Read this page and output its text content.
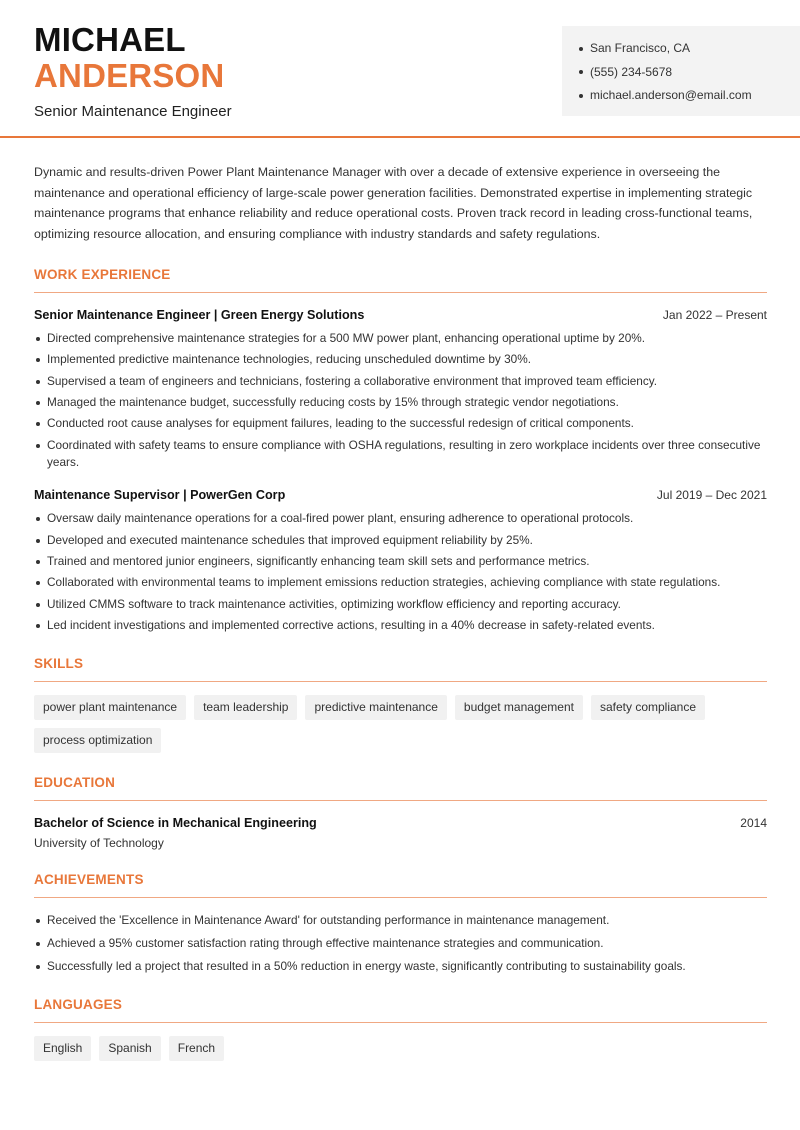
MICHAEL
ANDERSON
Senior Maintenance Engineer
San Francisco, CA
(555) 234-5678
michael.anderson@email.com

Dynamic and results-driven Power Plant Maintenance Manager with over a decade of extensive experience in overseeing the maintenance and operational efficiency of large-scale power generation facilities. Demonstrated expertise in implementing strategic maintenance programs that enhance reliability and reduce operational costs. Proven track record in leading cross-functional teams, optimizing resource allocation, and ensuring compliance with industry standards and safety regulations.

WORK EXPERIENCE
Senior Maintenance Engineer | Green Energy Solutions	Jan 2022 – Present
Directed comprehensive maintenance strategies for a 500 MW power plant, enhancing operational uptime by 20%.
Implemented predictive maintenance technologies, reducing unscheduled downtime by 30%.
Supervised a team of engineers and technicians, fostering a collaborative environment that improved team efficiency.
Managed the maintenance budget, successfully reducing costs by 15% through strategic vendor negotiations.
Conducted root cause analyses for equipment failures, leading to the successful redesign of critical components.
Coordinated with safety teams to ensure compliance with OSHA regulations, resulting in zero workplace incidents over three consecutive years.
Maintenance Supervisor | PowerGen Corp	Jul 2019 – Dec 2021
Oversaw daily maintenance operations for a coal-fired power plant, ensuring adherence to operational protocols.
Developed and executed maintenance schedules that improved equipment reliability by 25%.
Trained and mentored junior engineers, significantly enhancing team skill sets and performance metrics.
Collaborated with environmental teams to implement emissions reduction strategies, achieving compliance with state regulations.
Utilized CMMS software to track maintenance activities, optimizing workflow efficiency and reporting accuracy.
Led incident investigations and implemented corrective actions, resulting in a 40% decrease in safety-related events.
SKILLS
power plant maintenance	team leadership	predictive maintenance	budget management	safety compliance
process optimization
EDUCATION
Bachelor of Science in Mechanical Engineering	2014
University of Technology
ACHIEVEMENTS
Received the 'Excellence in Maintenance Award' for outstanding performance in maintenance management.
Achieved a 95% customer satisfaction rating through effective maintenance strategies and communication.
Successfully led a project that resulted in a 50% reduction in energy waste, significantly contributing to sustainability goals.
LANGUAGES
English	Spanish	French
